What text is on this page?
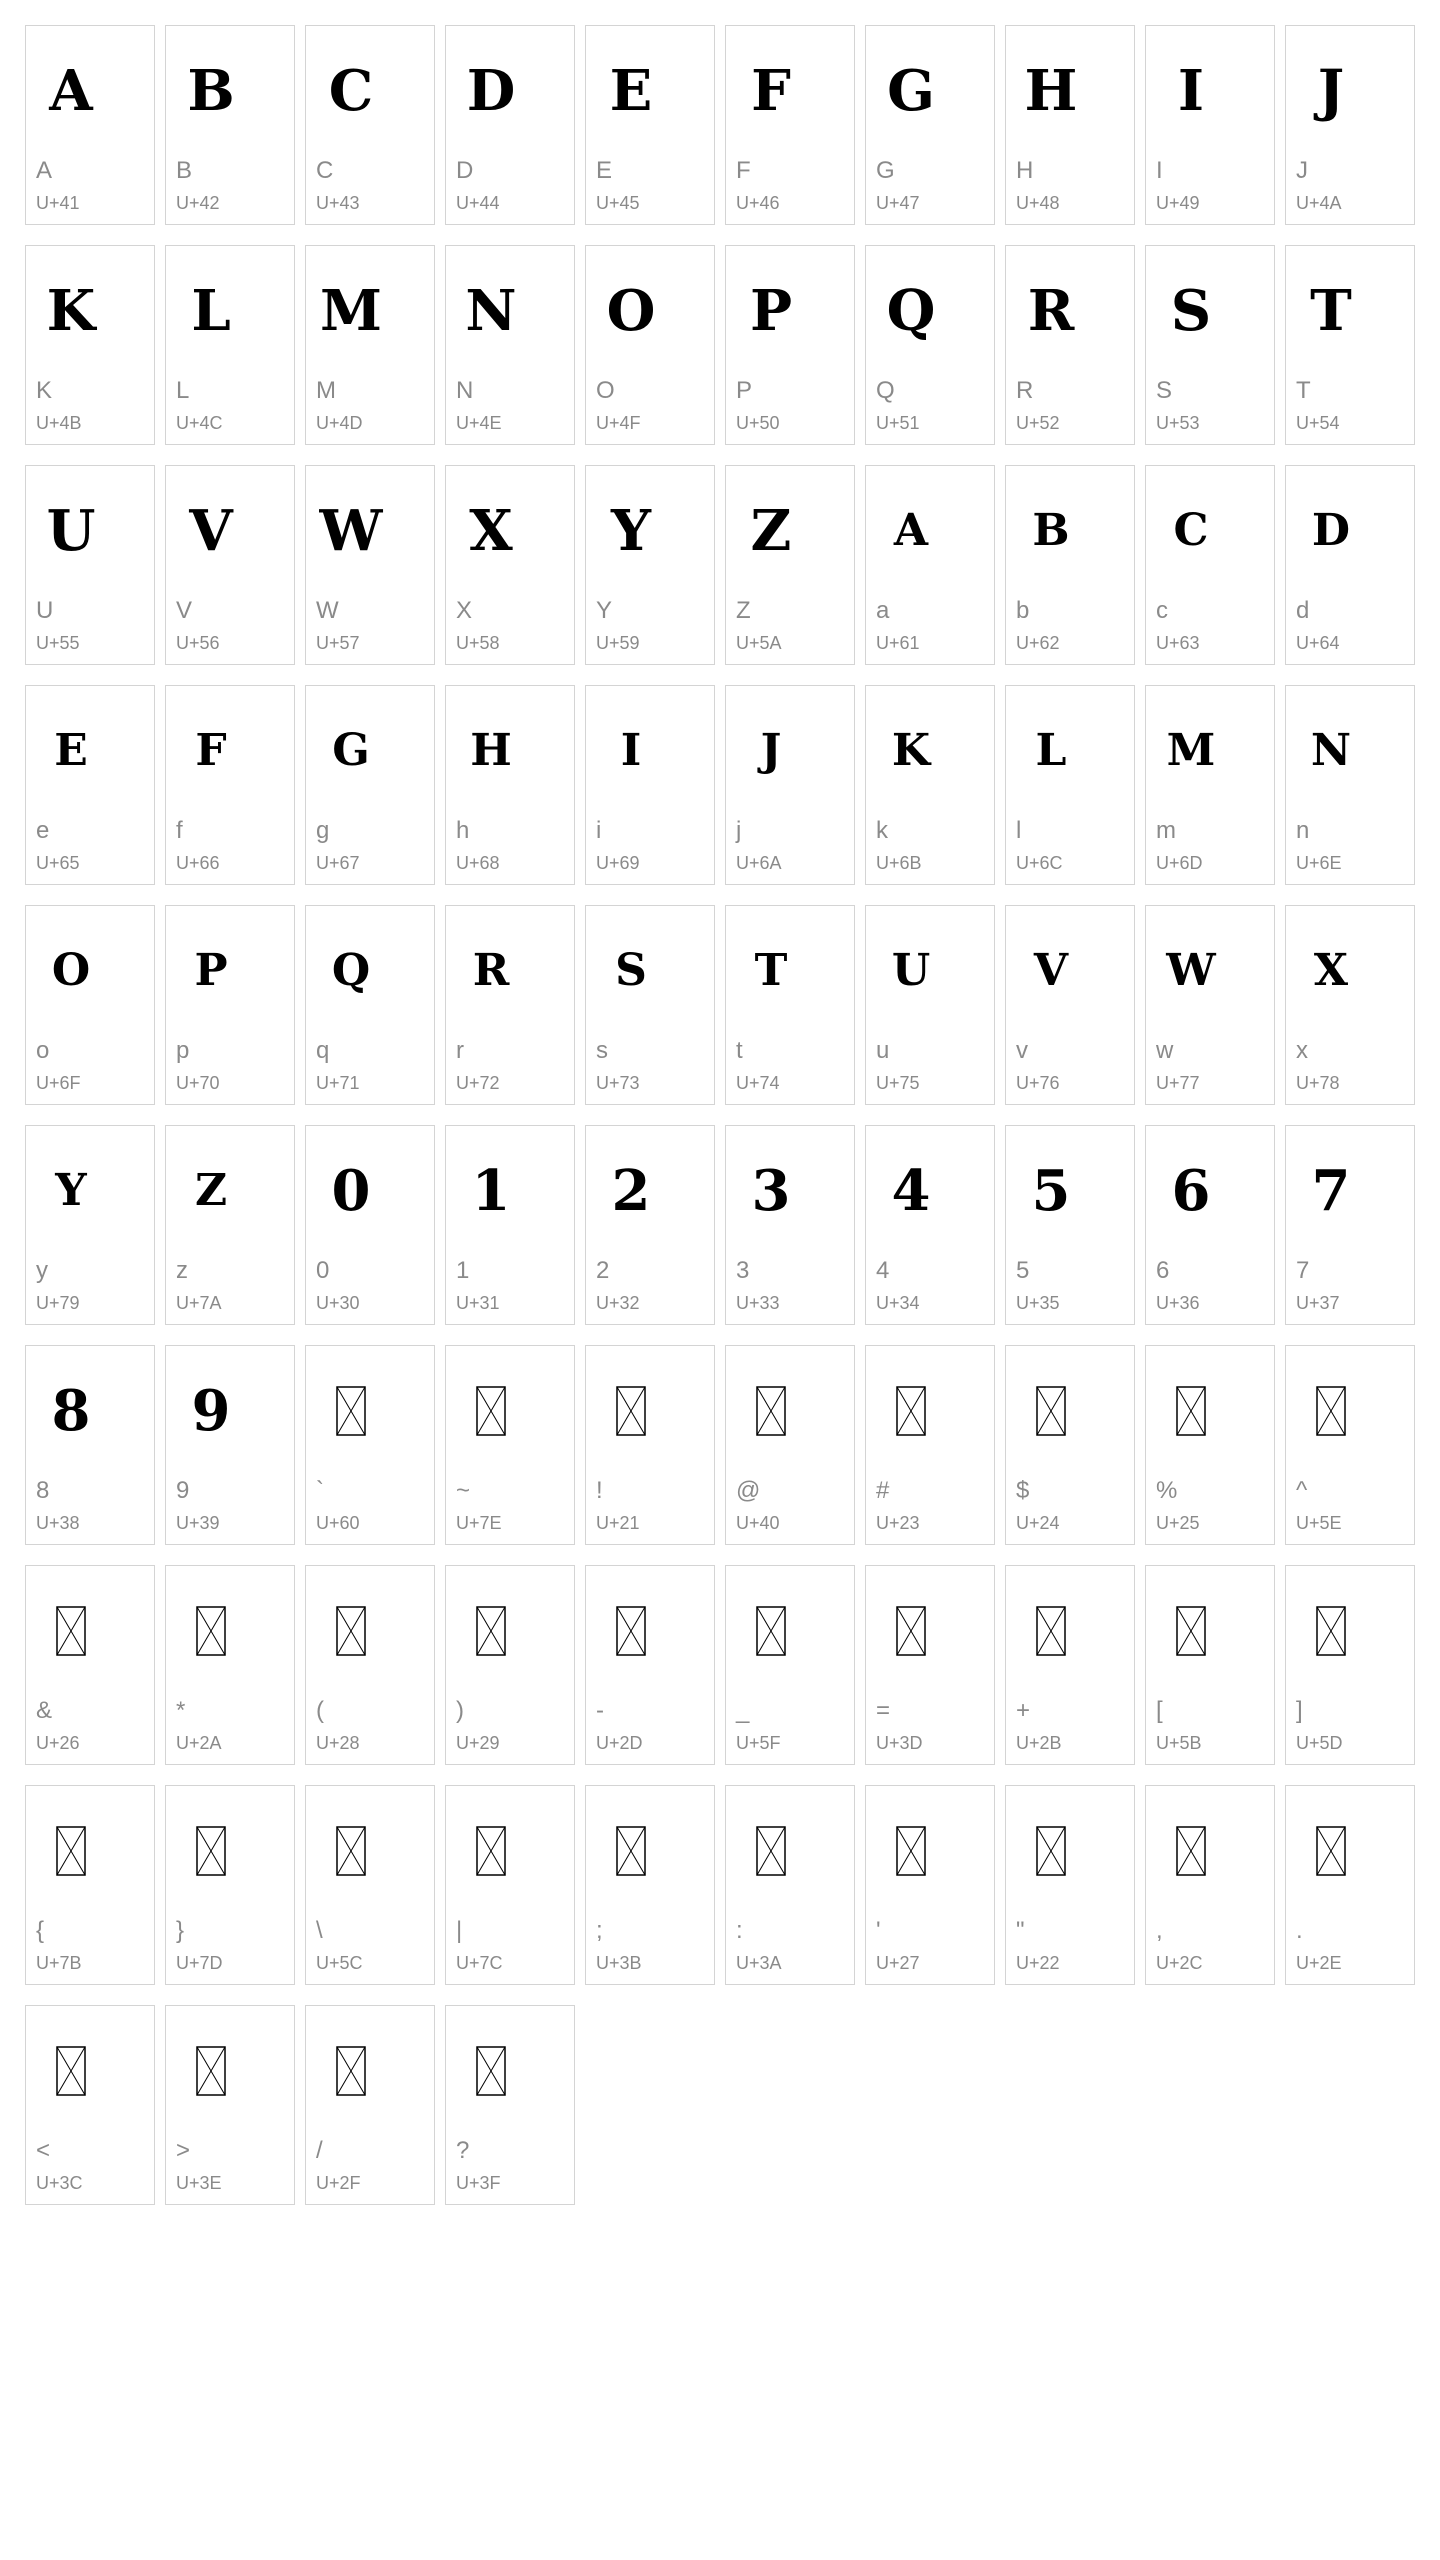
A
A
U+41
B
B
U+42
C
C
U+43
D
D
U+44
E
E
U+45
F
F
U+46
G
G
U+47
H
H
U+48
I
I
U+49
J
J
U+4A
K
K
U+4B
L
L
U+4C
M
M
U+4D
N
N
U+4E
O
O
U+4F
P
P
U+50
Q
Q
U+51
R
R
U+52
S
S
U+53
T
T
U+54
U
U
U+55
V
V
U+56
W
W
U+57
X
X
U+58
Y
Y
U+59
Z
Z
U+5A
A
a
U+61
B
b
U+62
C
c
U+63
D
d
U+64
E
e
U+65
F
f
U+66
G
g
U+67
H
h
U+68
I
i
U+69
J
j
U+6A
K
k
U+6B
L
l
U+6C
M
m
U+6D
N
n
U+6E
O
o
U+6F
P
p
U+70
Q
q
U+71
R
r
U+72
S
s
U+73
T
t
U+74
U
u
U+75
V
v
U+76
W
w
U+77
X
x
U+78
Y
y
U+79
Z
z
U+7A
0
0
U+30
1
1
U+31
2
2
U+32
3
3
U+33
4
4
U+34
5
5
U+35
6
6
U+36
7
7
U+37
8
8
U+38
9
9
U+39
`
U+60
~
U+7E
!
U+21
@
U+40
#
U+23
$
U+24
%
U+25
^
U+5E
&
U+26
*
U+2A
(
U+28
)
U+29
-
U+2D
_
U+5F
=
U+3D
+
U+2B
[
U+5B
]
U+5D
{
U+7B
}
U+7D
\
U+5C
|
U+7C
;
U+3B
:
U+3A
'
U+27
"
U+22
,
U+2C
.
U+2E
<
U+3C
>
U+3E
/
U+2F
?
U+3F
